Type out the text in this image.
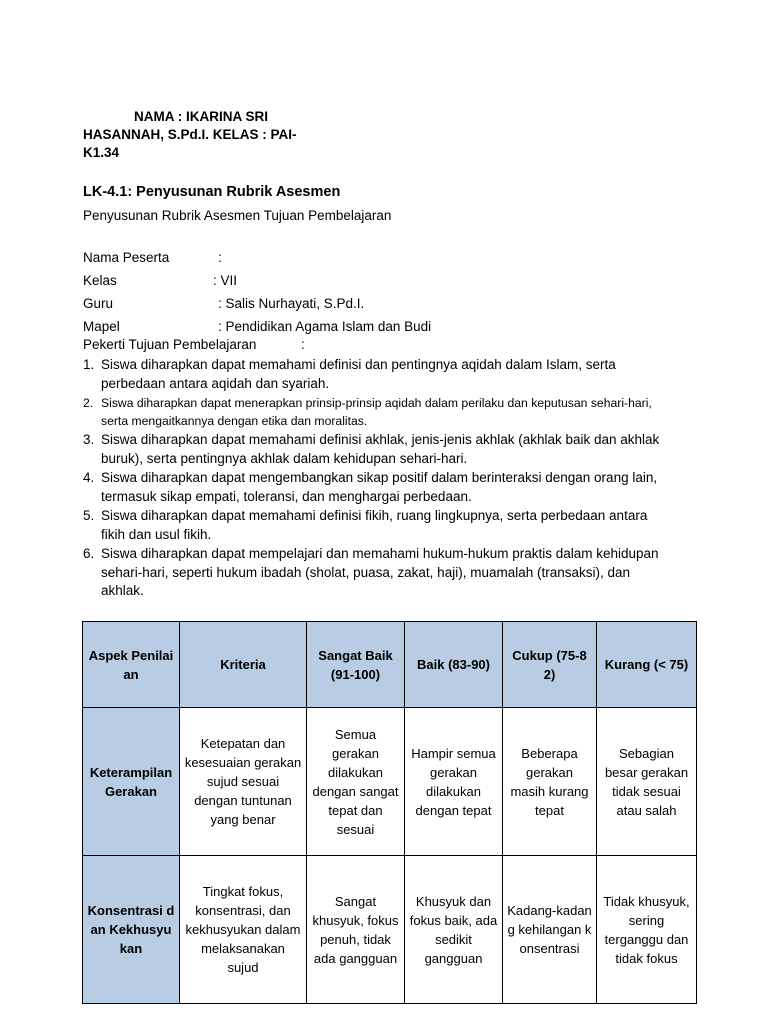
NAMA : IKARINA SRI
HASANNAH, S.Pd.I. KELAS : PAI-
K1.34
LK-4.1: Penyusunan Rubrik Asesmen
Penyusunan Rubrik Asesmen Tujuan Pembelajaran
Nama Peserta	:
Kelas	: VII
Guru	: Salis Nurhayati, S.Pd.I.
Mapel	: Pendidikan Agama Islam dan Budi
Pekerti Tujuan Pembelajaran	:
1. Siswa diharapkan dapat memahami definisi dan pentingnya aqidah dalam Islam, serta perbedaan antara aqidah dan syariah.
2. Siswa diharapkan dapat menerapkan prinsip-prinsip aqidah dalam perilaku dan keputusan sehari-hari, serta mengaitkannya dengan etika dan moralitas.
3. Siswa diharapkan dapat memahami definisi akhlak, jenis-jenis akhlak (akhlak baik dan akhlak buruk), serta pentingnya akhlak dalam kehidupan sehari-hari.
4. Siswa diharapkan dapat mengembangkan sikap positif dalam berinteraksi dengan orang lain, termasuk sikap empati, toleransi, dan menghargai perbedaan.
5. Siswa diharapkan dapat memahami definisi fikih, ruang lingkupnya, serta perbedaan antara fikih dan usul fikih.
6. Siswa diharapkan dapat mempelajari dan memahami hukum-hukum praktis dalam kehidupan sehari-hari, seperti hukum ibadah (sholat, puasa, zakat, haji), muamalah (transaksi), dan akhlak.
Aspek Penilaian	Kriteria	Sangat Baik (91-100)	Baik (83-90)	Cukup (75-82)	Kurang (< 75)

Keterampilan Gerakan	Ketepatan dan kesesuaian gerakan sujud sesuai dengan tuntunan yang benar	Semua gerakan dilakukan dengan sangat tepat dan sesuai	Hampir semua gerakan dilakukan dengan tepat	Beberapa gerakan masih kurang tepat	Sebagian besar gerakan tidak sesuai atau salah

Konsentrasi dan Kekhusyukan	Tingkat fokus, konsentrasi, dan kekhusyukan dalam melaksanakan sujud	Sangat khusyuk, fokus penuh, tidak ada gangguan	Khusyuk dan fokus baik, ada sedikit gangguan	Kadang-kadang kehilangan konsentrasi	Tidak khusyuk, sering terganggu dan tidak fokus
